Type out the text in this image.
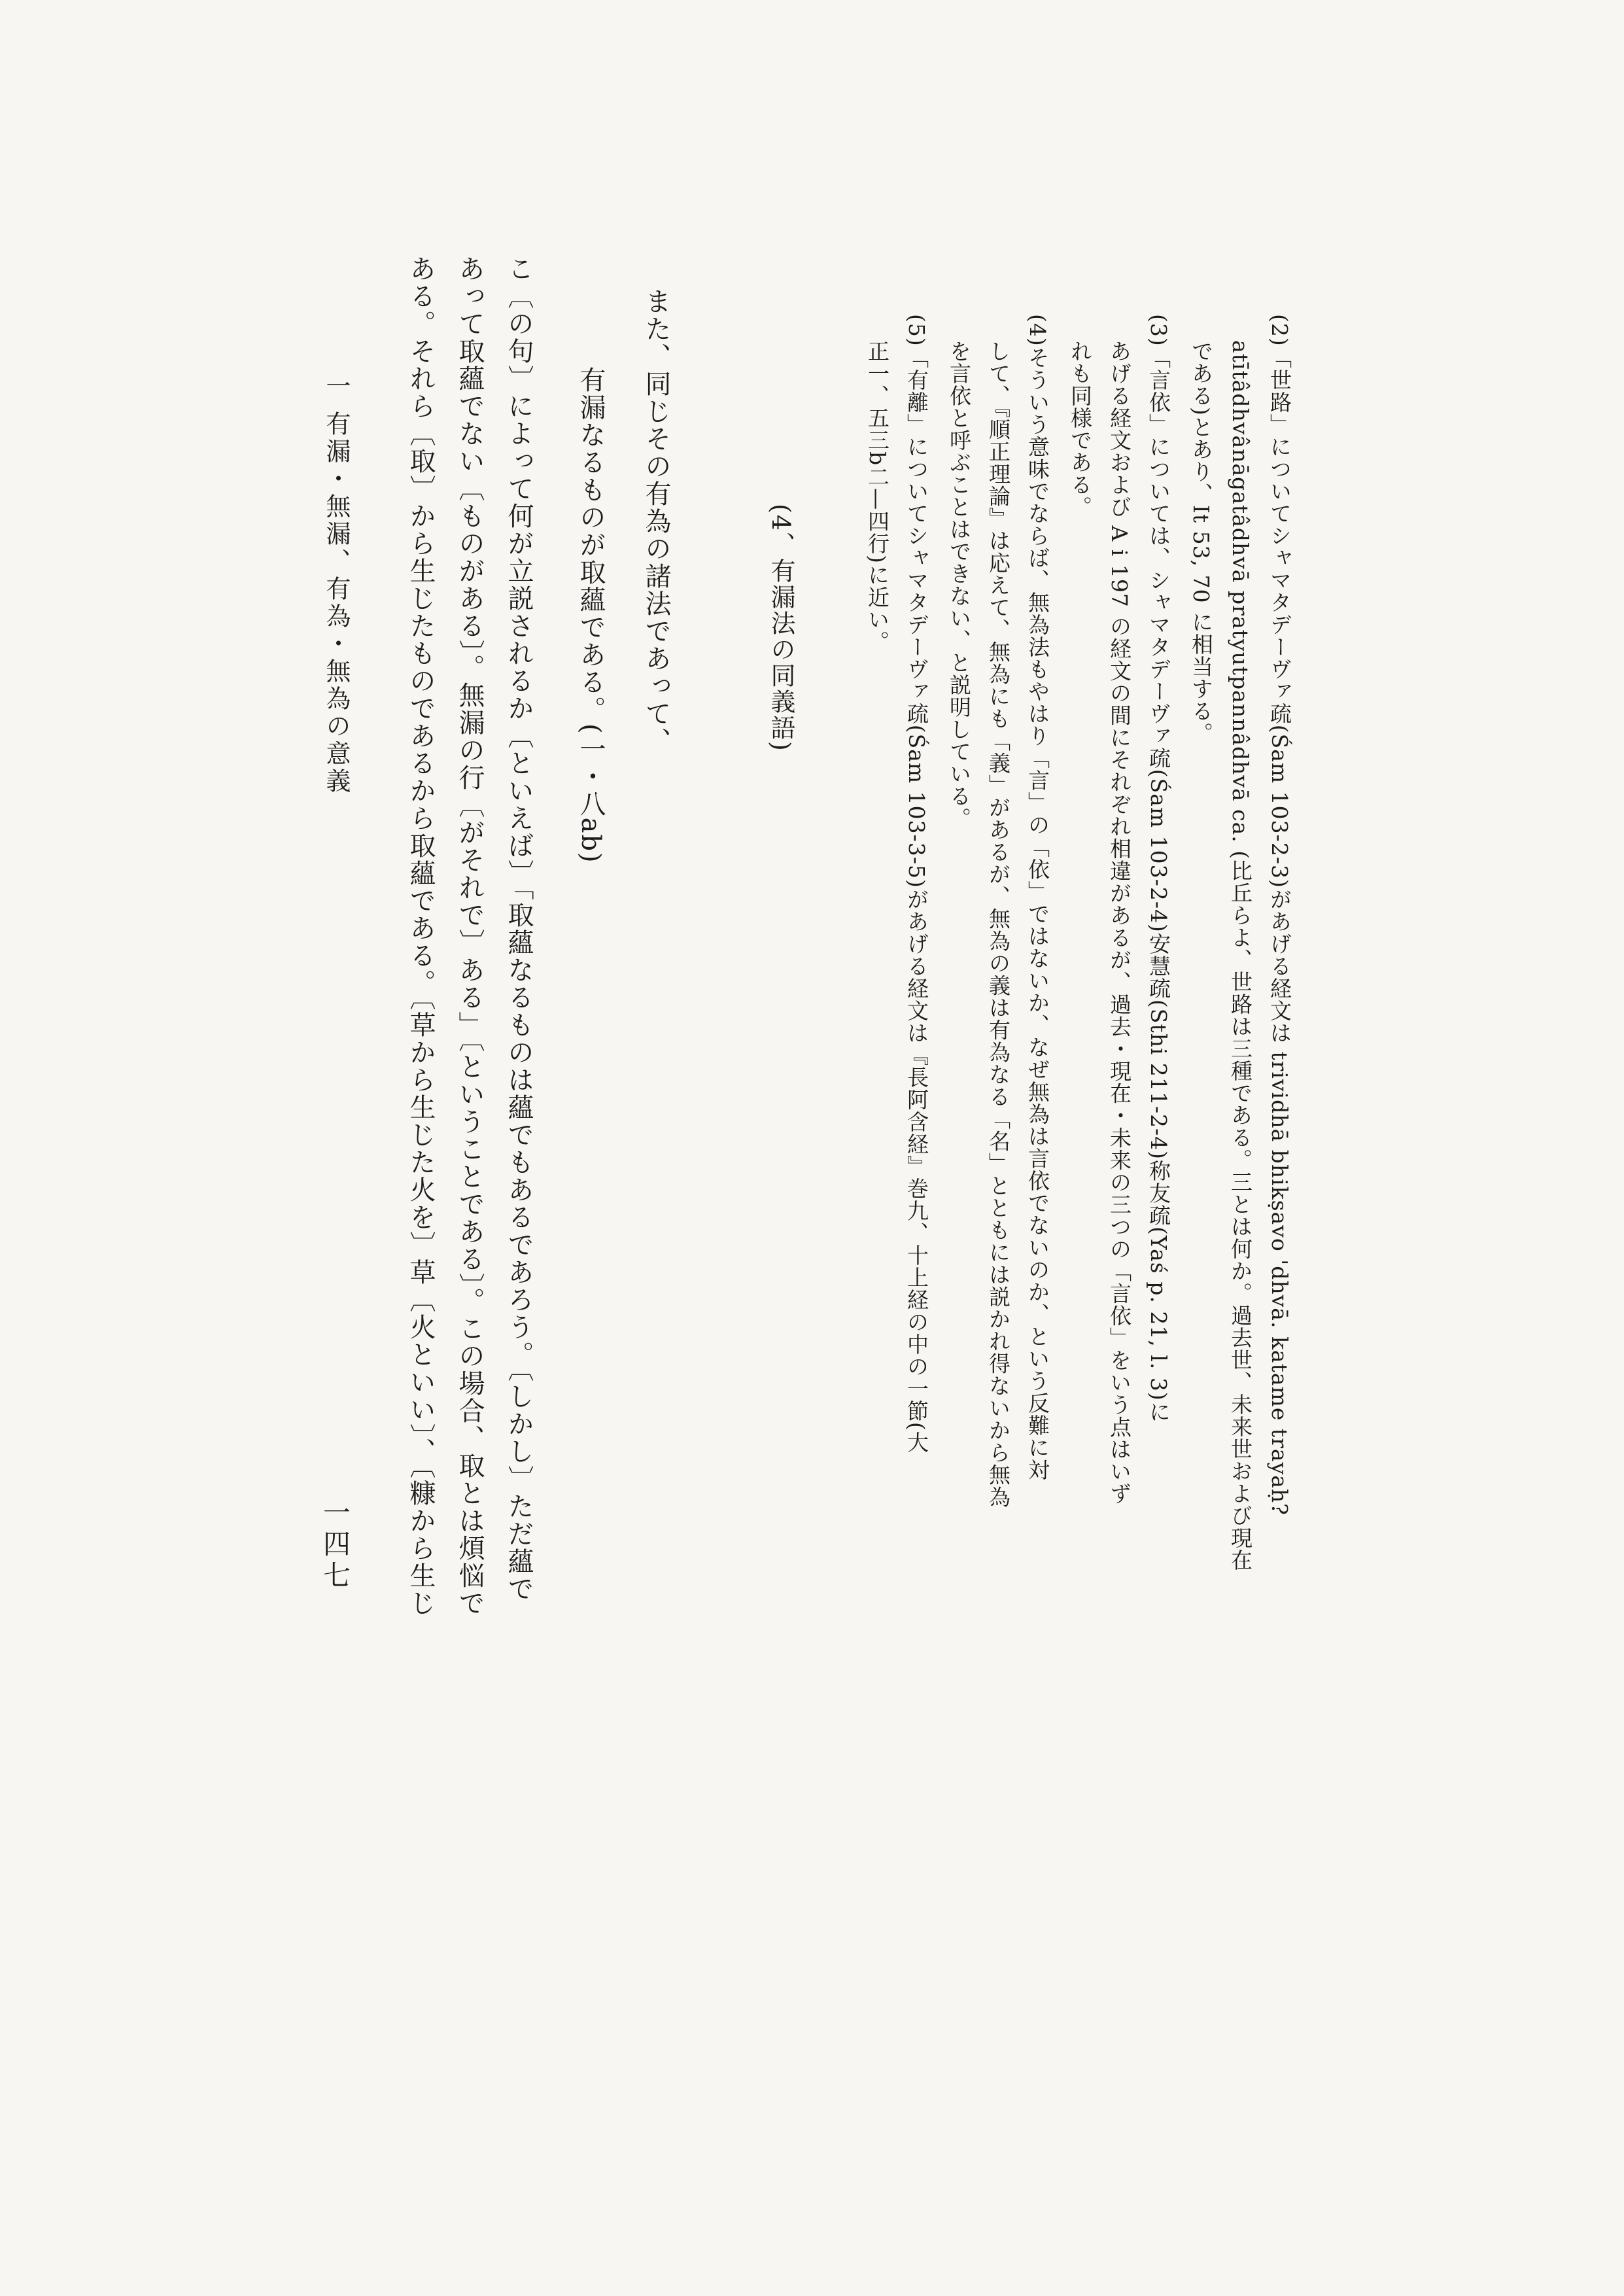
(2)「世路」についてシャマタデーヴァ疏(Śam 103-2-3)があげる経文は trividhā bhikṣavo 'dhvā. katame trayaḥ?
atītâdhvânāgatâdhvā pratyutpannâdhvā ca. (比丘らよ、世路は三種である。三とは何か。過去世、未来世および現在
である)とあり、It 53, 70 に相当する。
(3)「言依」については、シャマタデーヴァ疏(Śam 103-2-4)安慧疏(Sthi 211-2-4)称友疏(Yaś p. 21, l. 3)に
あげる経文および A i 197 の経文の間にそれぞれ相違があるが、過去・現在・未来の三つの「言依」をいう点はいず
れも同様である。
(4)そういう意味でならば、無為法もやはり「言」の「依」ではないか、なぜ無為は言依でないのか、という反難に対
して、『順正理論』は応えて、無為にも「義」があるが、無為の義は有為なる「名」とともには説かれ得ないから無為
を言依と呼ぶことはできない、と説明している。
(5)「有離」についてシャマタデーヴァ疏(Śam 103-3-5)があげる経文は『長阿含経』巻九、十上経の中の一節(大
正一、五三b二—四行)に近い。
(4、有漏法の同義語)
また、同じその有為の諸法であって、
有漏なるものが取蘊である。(一・八ab)
こ〔の句〕によって何が立説されるか〔といえば〕「取蘊なるものは蘊でもあるであろう。〔しかし〕ただ蘊で
あって取蘊でない〔ものがある〕。無漏の行〔がそれで〕ある」〔ということである〕。この場合、取とは煩悩で
ある。それら〔取〕から生じたものであるから取蘊である。〔草から生じた火を〕草〔火といい〕、〔糠から生じ
一 有漏・無漏、有為・無為の意義
一四七
